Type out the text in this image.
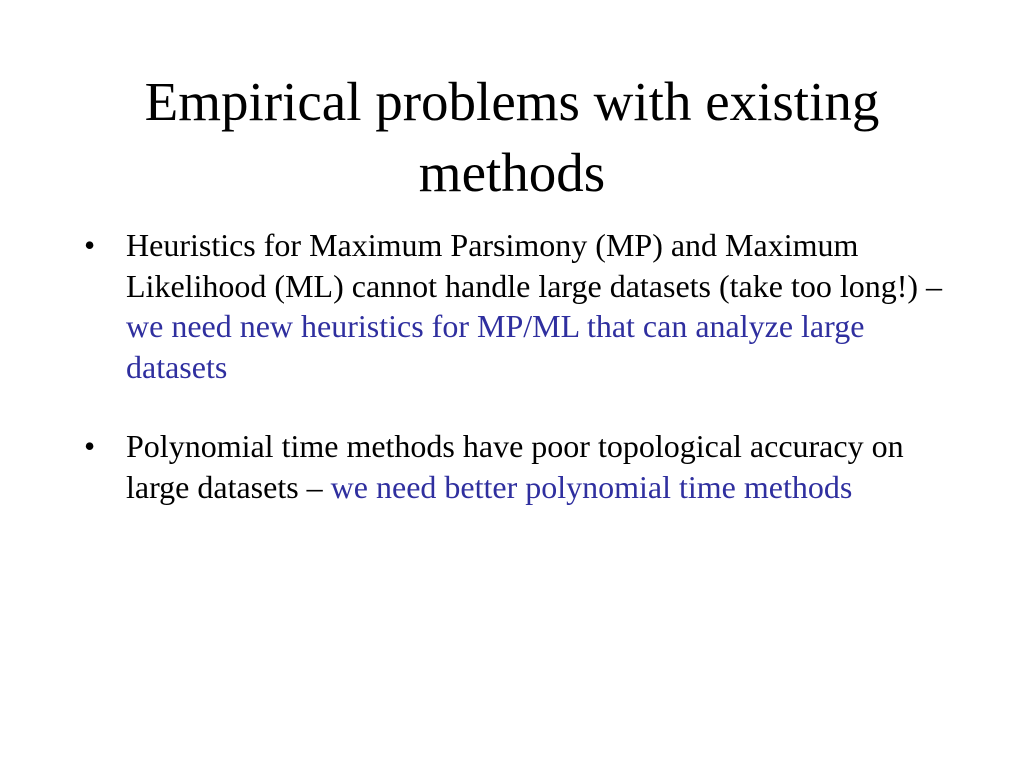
Empirical problems with existing methods
• Heuristics for Maximum Parsimony (MP) and Maximum Likelihood (ML) cannot handle large datasets (take too long!) – we need new heuristics for MP/ML that can analyze large datasets
• Polynomial time methods have poor topological accuracy on large datasets – we need better polynomial time methods
